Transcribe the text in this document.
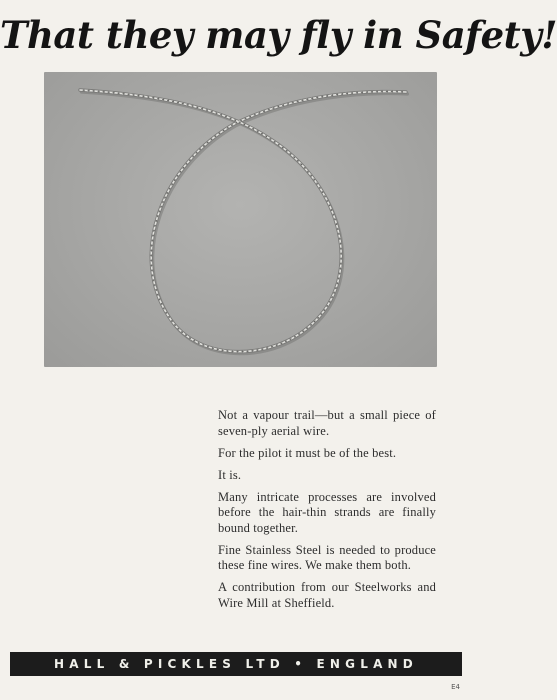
That they may fly in Safety!

Not a vapour trail—but a small piece of seven-ply aerial wire.

For the pilot it must be of the best.

It is.

Many intricate processes are involved before the hair-thin strands are finally bound together.

Fine Stainless Steel is needed to produce these fine wires. We make them both.

A contribution from our Steelworks and Wire Mill at Sheffield.

HALL & PICKLES LTD • ENGLAND
E4
